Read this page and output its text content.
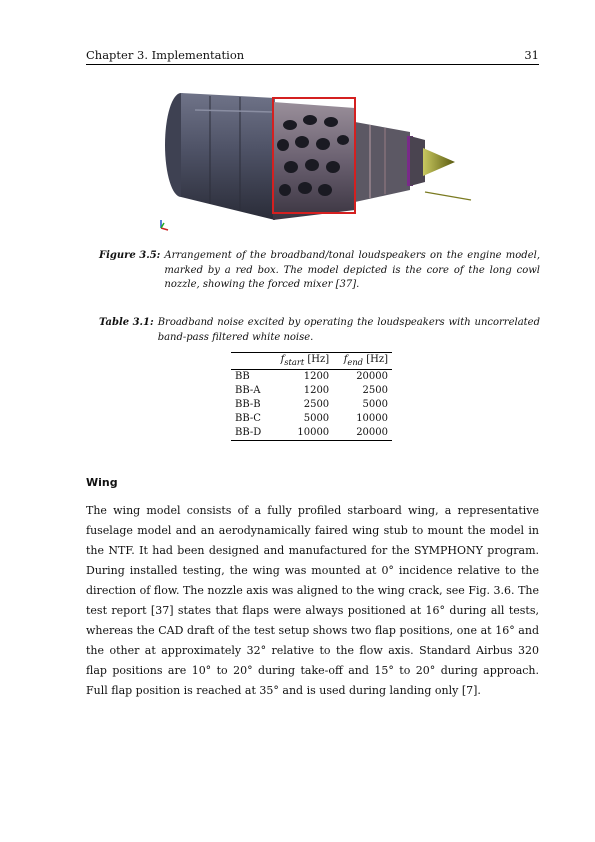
Chapter 3. Implementation	31
Figure 3.5: Arrangement of the broadband/tonal loudspeakers on the engine model, marked by a red box. The model depicted is the core of the long cowl nozzle, showing the forced mixer [37].
Table 3.1: Broadband noise excited by operating the loudspeakers with uncorrelated band-pass filtered white noise.
	$f_{start}$ [Hz]	$f_{end}$ [Hz]
BB	1200	20000
BB-A	1200	2500
BB-B	2500	5000
BB-C	5000	10000
BB-D	10000	20000
Wing
The wing model consists of a fully profiled starboard wing, a representative fuselage model and an aerodynamically faired wing stub to mount the model in the NTF. It had been designed and manufactured for the SYMPHONY program. During installed testing, the wing was mounted at 0° incidence relative to the direction of flow. The nozzle axis was aligned to the wing crack, see Fig. 3.6. The test report [37] states that flaps were always positioned at 16° during all tests, whereas the CAD draft of the test setup shows two flap positions, one at 16° and the other at approximately 32° relative to the flow axis. Standard Airbus 320 flap positions are 10° to 20° during take-off and 15° to 20° during approach. Full flap position is reached at 35° and is used during landing only [7].
